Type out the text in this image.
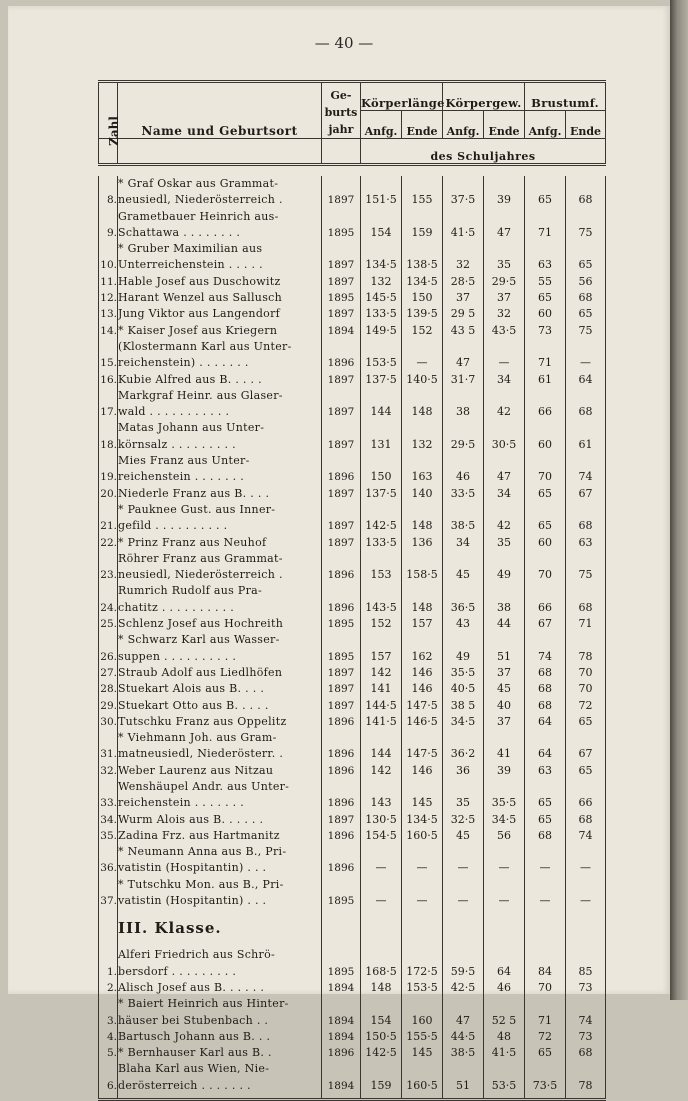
— 40 —
Zahl	Name und Geburtsort	Ge-
burts
jahr	Körperlänge		Körpergew.		Brustumf.	
			Anfg.	Ende	Anfg.	Ende	Anfg.	Ende
			des Schuljahres					

8.	* Graf Oskar aus Grammat-
neusiedl, Niederösterreich .	1897	151·5	155	37·5	39	65	68
9.	Grametbauer Heinrich aus-
Schattawa . . . . . . . .	1895	154	159	41·5	47	71	75
10.	* Gruber Maximilian aus
Unterreichenstein . . . . .	1897	134·5	138·5	32	35	63	65
11.	Hable Josef aus Duschowitz	1897	132	134·5	28·5	29·5	55	56
12.	Harant Wenzel aus Sallusch	1895	145·5	150	37	37	65	68
13.	Jung Viktor aus Langendorf	1897	133·5	139·5	29 5	32	60	65
14.	* Kaiser Josef aus Kriegern	1894	149·5	152	43 5	43·5	73	75
15.	(Klostermann Karl aus Unter-
reichenstein) . . . . . . .	1896	153·5	—	47	—	71	—
16.	Kubie Alfred aus B. . . . .	1897	137·5	140·5	31·7	34	61	64
17.	Markgraf Heinr. aus Glaser-
wald . . . . . . . . . . .	1897	144	148	38	42	66	68
18.	Matas Johann aus Unter-
körnsalz . . . . . . . . .	1897	131	132	29·5	30·5	60	61
19.	Mies Franz aus Unter-
reichenstein . . . . . . .	1896	150	163	46	47	70	74
20.	Niederle Franz aus B. . . .	1897	137·5	140	33·5	34	65	67
21.	* Pauknee Gust. aus Inner-
gefild . . . . . . . . . .	1897	142·5	148	38·5	42	65	68
22.	* Prinz Franz aus Neuhof	1897	133·5	136	34	35	60	63
23.	Röhrer Franz aus Grammat-
neusiedl, Niederösterreich .	1896	153	158·5	45	49	70	75
24.	Rumrich Rudolf aus Pra-
chatitz . . . . . . . . . .	1896	143·5	148	36·5	38	66	68
25.	Schlenz Josef aus Hochreith	1895	152	157	43	44	67	71
26.	* Schwarz Karl aus Wasser-
suppen . . . . . . . . . .	1895	157	162	49	51	74	78
27.	Straub Adolf aus Liedlhöfen	1897	142	146	35·5	37	68	70
28.	Stuekart Alois aus B. . . .	1897	141	146	40·5	45	68	70
29.	Stuekart Otto aus B. . . . .	1897	144·5	147·5	38 5	40	68	72
30.	Tutschku Franz aus Oppelitz	1896	141·5	146·5	34·5	37	64	65
31.	* Viehmann Joh. aus Gram-
matneusiedl, Niederösterr. .	1896	144	147·5	36·2	41	64	67
32.	Weber Laurenz aus Nitzau	1896	142	146	36	39	63	65
33.	Wenshäupel Andr. aus Unter-
reichenstein . . . . . . .	1896	143	145	35	35·5	65	66
34.	Wurm Alois aus B. . . . . .	1897	130·5	134·5	32·5	34·5	65	68
35.	Zadina Frz. aus Hartmanitz	1896	154·5	160·5	45	56	68	74
36.	* Neumann Anna aus B., Pri-
vatistin (Hospitantin) . . .	1896	—	—	—	—	—	—
37.	* Tutschku Mon. aus B., Pri-
vatistin (Hospitantin) . . .	1895	—	—	—	—	—	—
	III. Klasse.							
1.	Alferi Friedrich aus Schrö-
bersdorf . . . . . . . . .	1895	168·5	172·5	59·5	64	84	85
2.	Alisch Josef aus B. . . . . .	1894	148	153·5	42·5	46	70	73
3.	* Baiert Heinrich aus Hinter-
häuser bei Stubenbach . .	1894	154	160	47	52 5	71	74
4.	Bartusch Johann aus B. . .	1894	150·5	155·5	44·5	48	72	73
5.	* Bernhauser Karl aus B. .	1896	142·5	145	38·5	41·5	65	68
6.	Blaha Karl aus Wien, Nie-
derösterreich . . . . . . .	1894	159	160·5	51	53·5	73·5	78
